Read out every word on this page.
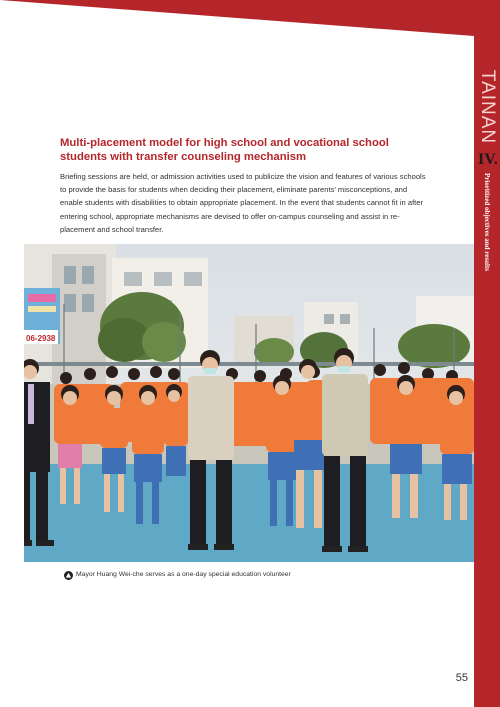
TAINAN
IV.
Prioritized objectives and results
Multi-placement model for high school and vocational school students with transfer counseling mechanism

Briefing sessions are held, or admission activities used to publicize the vision and features of various schools to provide the basis for students when deciding their placement, eliminate parents’ misconceptions, and enable students with disabilities to obtain appropriate placement. In the event that students cannot fit in after entering school, appropriate mechanisms are devised to offer on-campus counseling and assist in re-placement and school transfer.

06-2938
Mayor Huang Wei-che serves as a one-day special education volunteer
55
